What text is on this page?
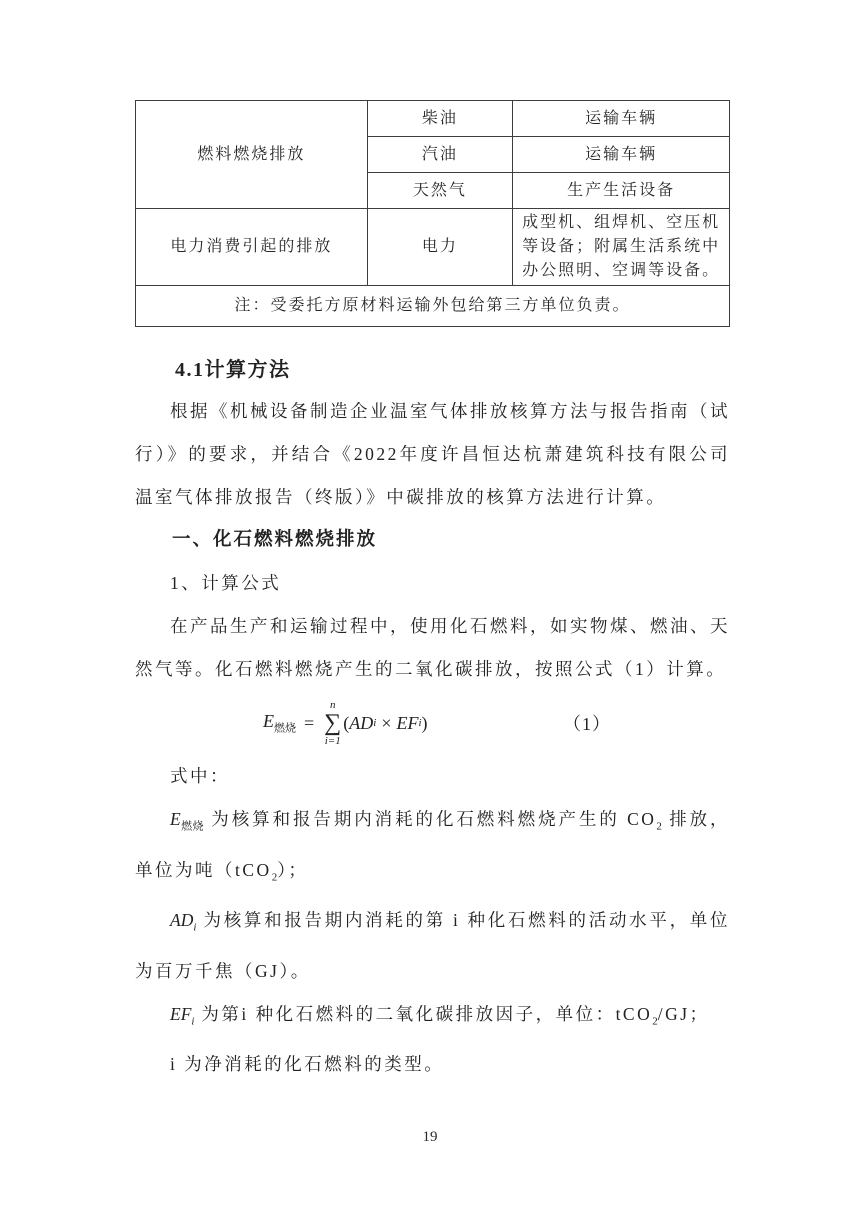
燃料燃烧排放	柴油	运输车辆
	汽油	运输车辆
	天然气	生产生活设备
电力消费引起的排放	电力	成型机、组焊机、空压机等设备；附属生活系统中办公照明、空调等设备。
注：受委托方原材料运输外包给第三方单位负责。		
4.1计算方法

根据《机械设备制造企业温室气体排放核算方法与报告指南（试行）》的要求，并结合《2022年度许昌恒达杭萧建筑科技有限公司温室气体排放报告（终版）》中碳排放的核算方法进行计算。

一、化石燃料燃烧排放

1、计算公式

在产品生产和运输过程中，使用化石燃料，如实物煤、燃油、天然气等。化石燃料燃烧产生的二氧化碳排放，按照公式（1）计算。

$E_{燃烧}$ =
n
∑
i=1
( AD i × EF i )	（1）

式中：

$E_{燃烧}$ 为核算和报告期内消耗的化石燃料燃烧产生的 $CO_2$ 排放，单位为吨（tCO$_2$）；

$AD_i$ 为核算和报告期内消耗的第 i 种化石燃料的活动水平，单位为百万千焦（GJ）。

$EF_i$ 为第i 种化石燃料的二氧化碳排放因子，单位：tCO$_2$/GJ；

i 为净消耗的化石燃料的类型。

19
